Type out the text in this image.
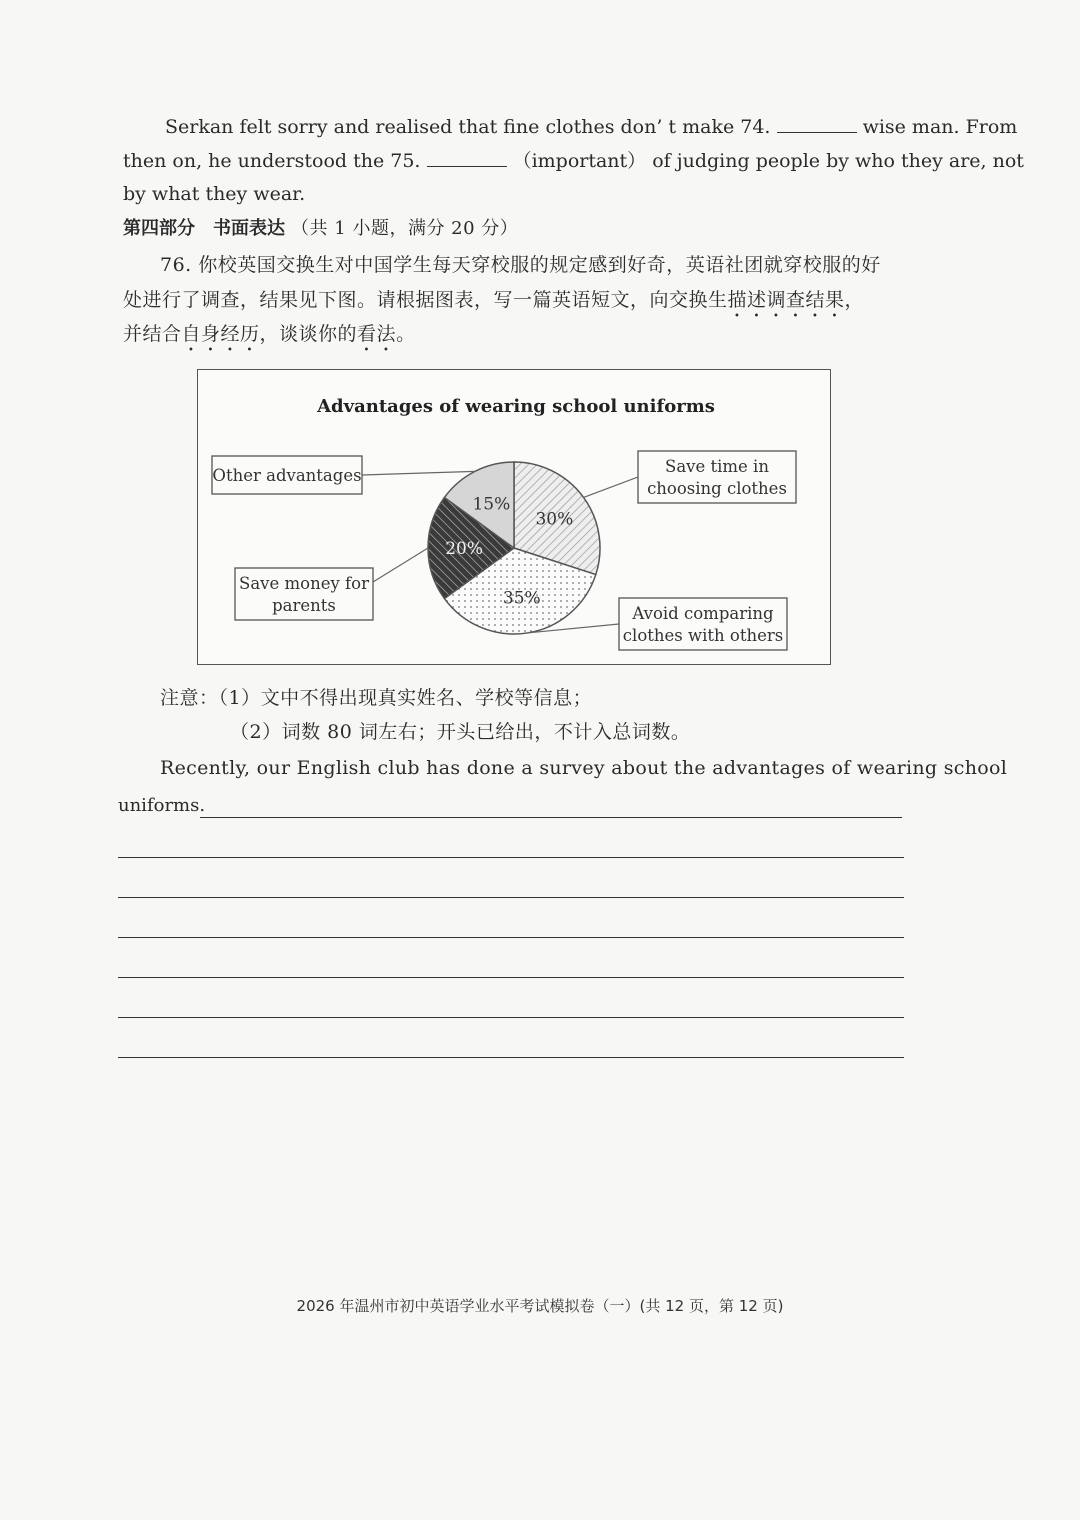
Serkan felt sorry and realised that fine clothes don’ t make 74.	wise man. From
then on, he understood the 75.	（important） of judging people by who they are, not
by what they wear.
第四部分　书面表达 （共 1 小题，满分 20 分）
76. 你校英国交换生对中国学生每天穿校服的规定感到好奇，英语社团就穿校服的好
处进行了调查，结果见下图。请根据图表，写一篇英语短文，向交换生描述调查结果，
并结合自身经历，谈谈你的看法。
Advantages of wearing school uniforms
30%
35%
20%
15%
Save time in
choosing clothes
Avoid comparing
clothes with others
Save money for
parents
Other advantages
注意：（1）文中不得出现真实姓名、学校等信息；
（2）词数 80 词左右；开头已给出，不计入总词数。
Recently, our English club has done a survey about the advantages of wearing school
uniforms.
2026 年温州市初中英语学业水平考试模拟卷（一）(共 12 页，第 12 页)
